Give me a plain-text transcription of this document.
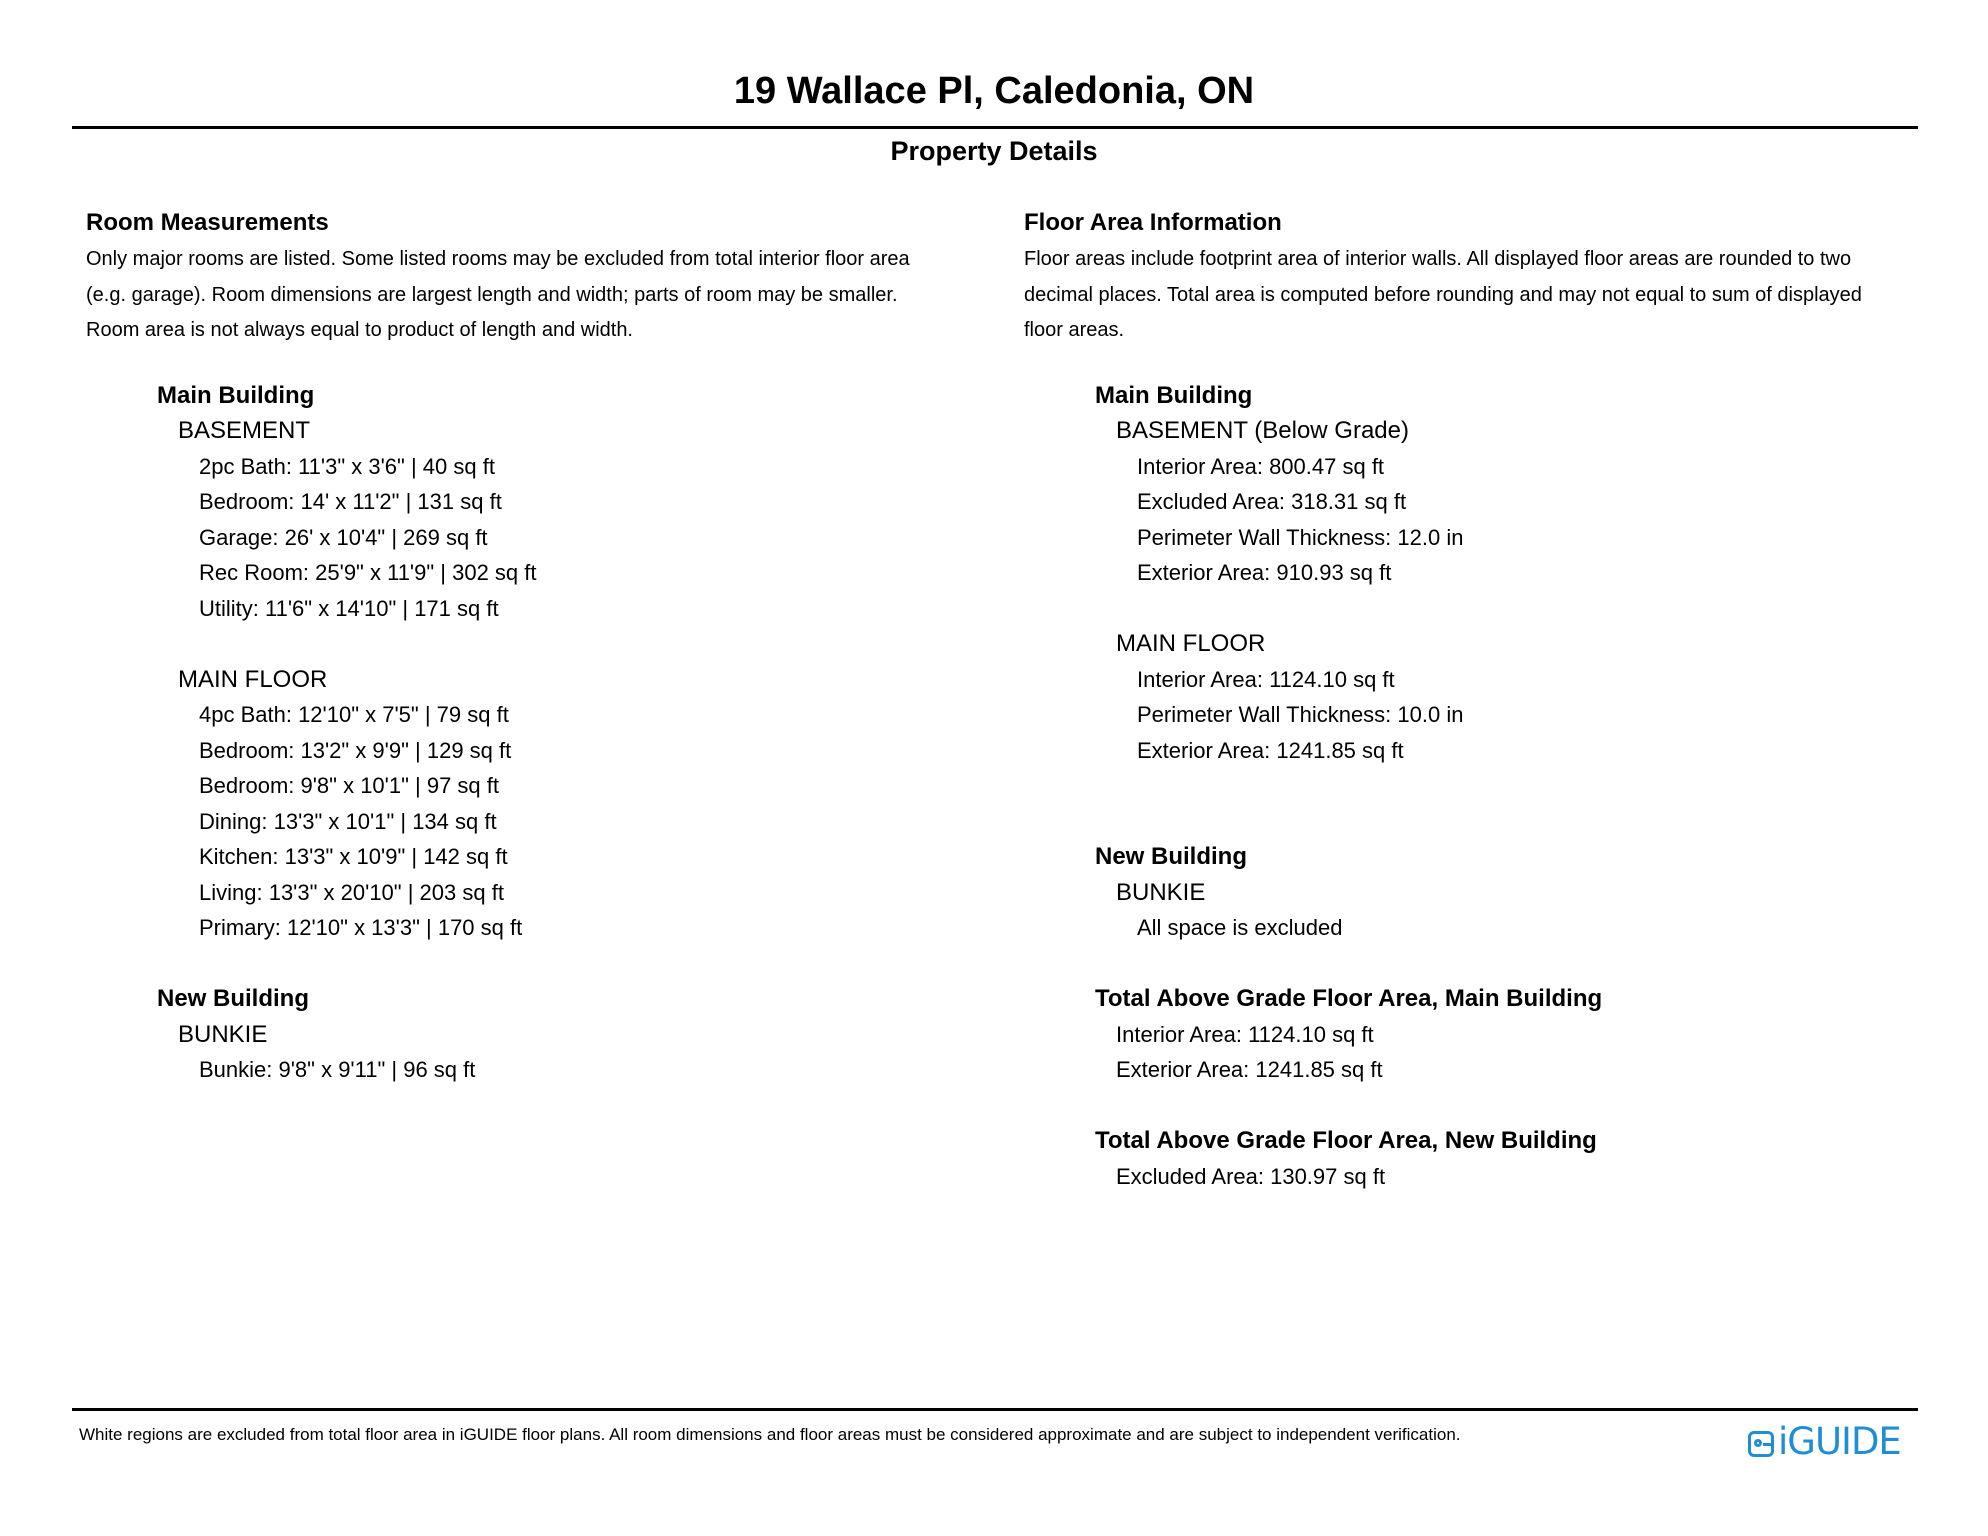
19 Wallace Pl, Caledonia, ON
Property Details
Room Measurements
Only major rooms are listed. Some listed rooms may be excluded from total interior floor area
(e.g. garage). Room dimensions are largest length and width; parts of room may be smaller.
Room area is not always equal to product of length and width.
Main Building
BASEMENT
2pc Bath: 11'3" x 3'6" | 40 sq ft
Bedroom: 14' x 11'2" | 131 sq ft
Garage: 26' x 10'4" | 269 sq ft
Rec Room: 25'9" x 11'9" | 302 sq ft
Utility: 11'6" x 14'10" | 171 sq ft
MAIN FLOOR
4pc Bath: 12'10" x 7'5" | 79 sq ft
Bedroom: 13'2" x 9'9" | 129 sq ft
Bedroom: 9'8" x 10'1" | 97 sq ft
Dining: 13'3" x 10'1" | 134 sq ft
Kitchen: 13'3" x 10'9" | 142 sq ft
Living: 13'3" x 20'10" | 203 sq ft
Primary: 12'10" x 13'3" | 170 sq ft
New Building
BUNKIE
Bunkie: 9'8" x 9'11" | 96 sq ft
Floor Area Information
Floor areas include footprint area of interior walls. All displayed floor areas are rounded to two
decimal places. Total area is computed before rounding and may not equal to sum of displayed
floor areas.
Main Building
BASEMENT (Below Grade)
Interior Area: 800.47 sq ft
Excluded Area: 318.31 sq ft
Perimeter Wall Thickness: 12.0 in
Exterior Area: 910.93 sq ft
MAIN FLOOR
Interior Area: 1124.10 sq ft
Perimeter Wall Thickness: 10.0 in
Exterior Area: 1241.85 sq ft
New Building
BUNKIE
All space is excluded
Total Above Grade Floor Area, Main Building
Interior Area: 1124.10 sq ft
Exterior Area: 1241.85 sq ft
Total Above Grade Floor Area, New Building
Excluded Area: 130.97 sq ft
White regions are excluded from total floor area in iGUIDE floor plans. All room dimensions and floor areas must be considered approximate and are subject to independent verification.	iGUIDE
